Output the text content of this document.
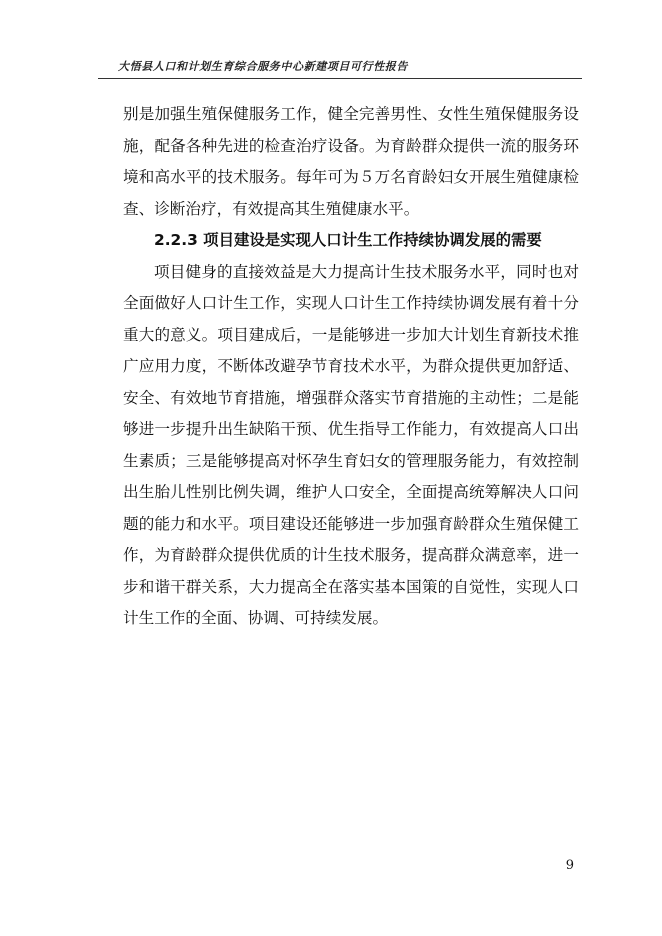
大悟县人口和计划生育综合服务中心新建项目可行性报告

别是加强生殖保健服务工作，健全完善男性、女性生殖保健服务设施，配备各种先进的检查治疗设备。为育龄群众提供一流的服务环境和高水平的技术服务。每年可为５万名育龄妇女开展生殖健康检查、诊断治疗，有效提高其生殖健康水平。

2.2.3 项目建设是实现人口计生工作持续协调发展的需要

项目健身的直接效益是大力提高计生技术服务水平，同时也对全面做好人口计生工作，实现人口计生工作持续协调发展有着十分重大的意义。项目建成后，一是能够进一步加大计划生育新技术推广应用力度，不断体改避孕节育技术水平，为群众提供更加舒适、安全、有效地节育措施，增强群众落实节育措施的主动性；二是能够进一步提升出生缺陷干预、优生指导工作能力，有效提高人口出生素质；三是能够提高对怀孕生育妇女的管理服务能力，有效控制出生胎儿性别比例失调，维护人口安全，全面提高统筹解决人口问题的能力和水平。项目建设还能够进一步加强育龄群众生殖保健工作，为育龄群众提供优质的计生技术服务，提高群众满意率，进一步和谐干群关系，大力提高全在落实基本国策的自觉性，实现人口计生工作的全面、协调、可持续发展。

9
